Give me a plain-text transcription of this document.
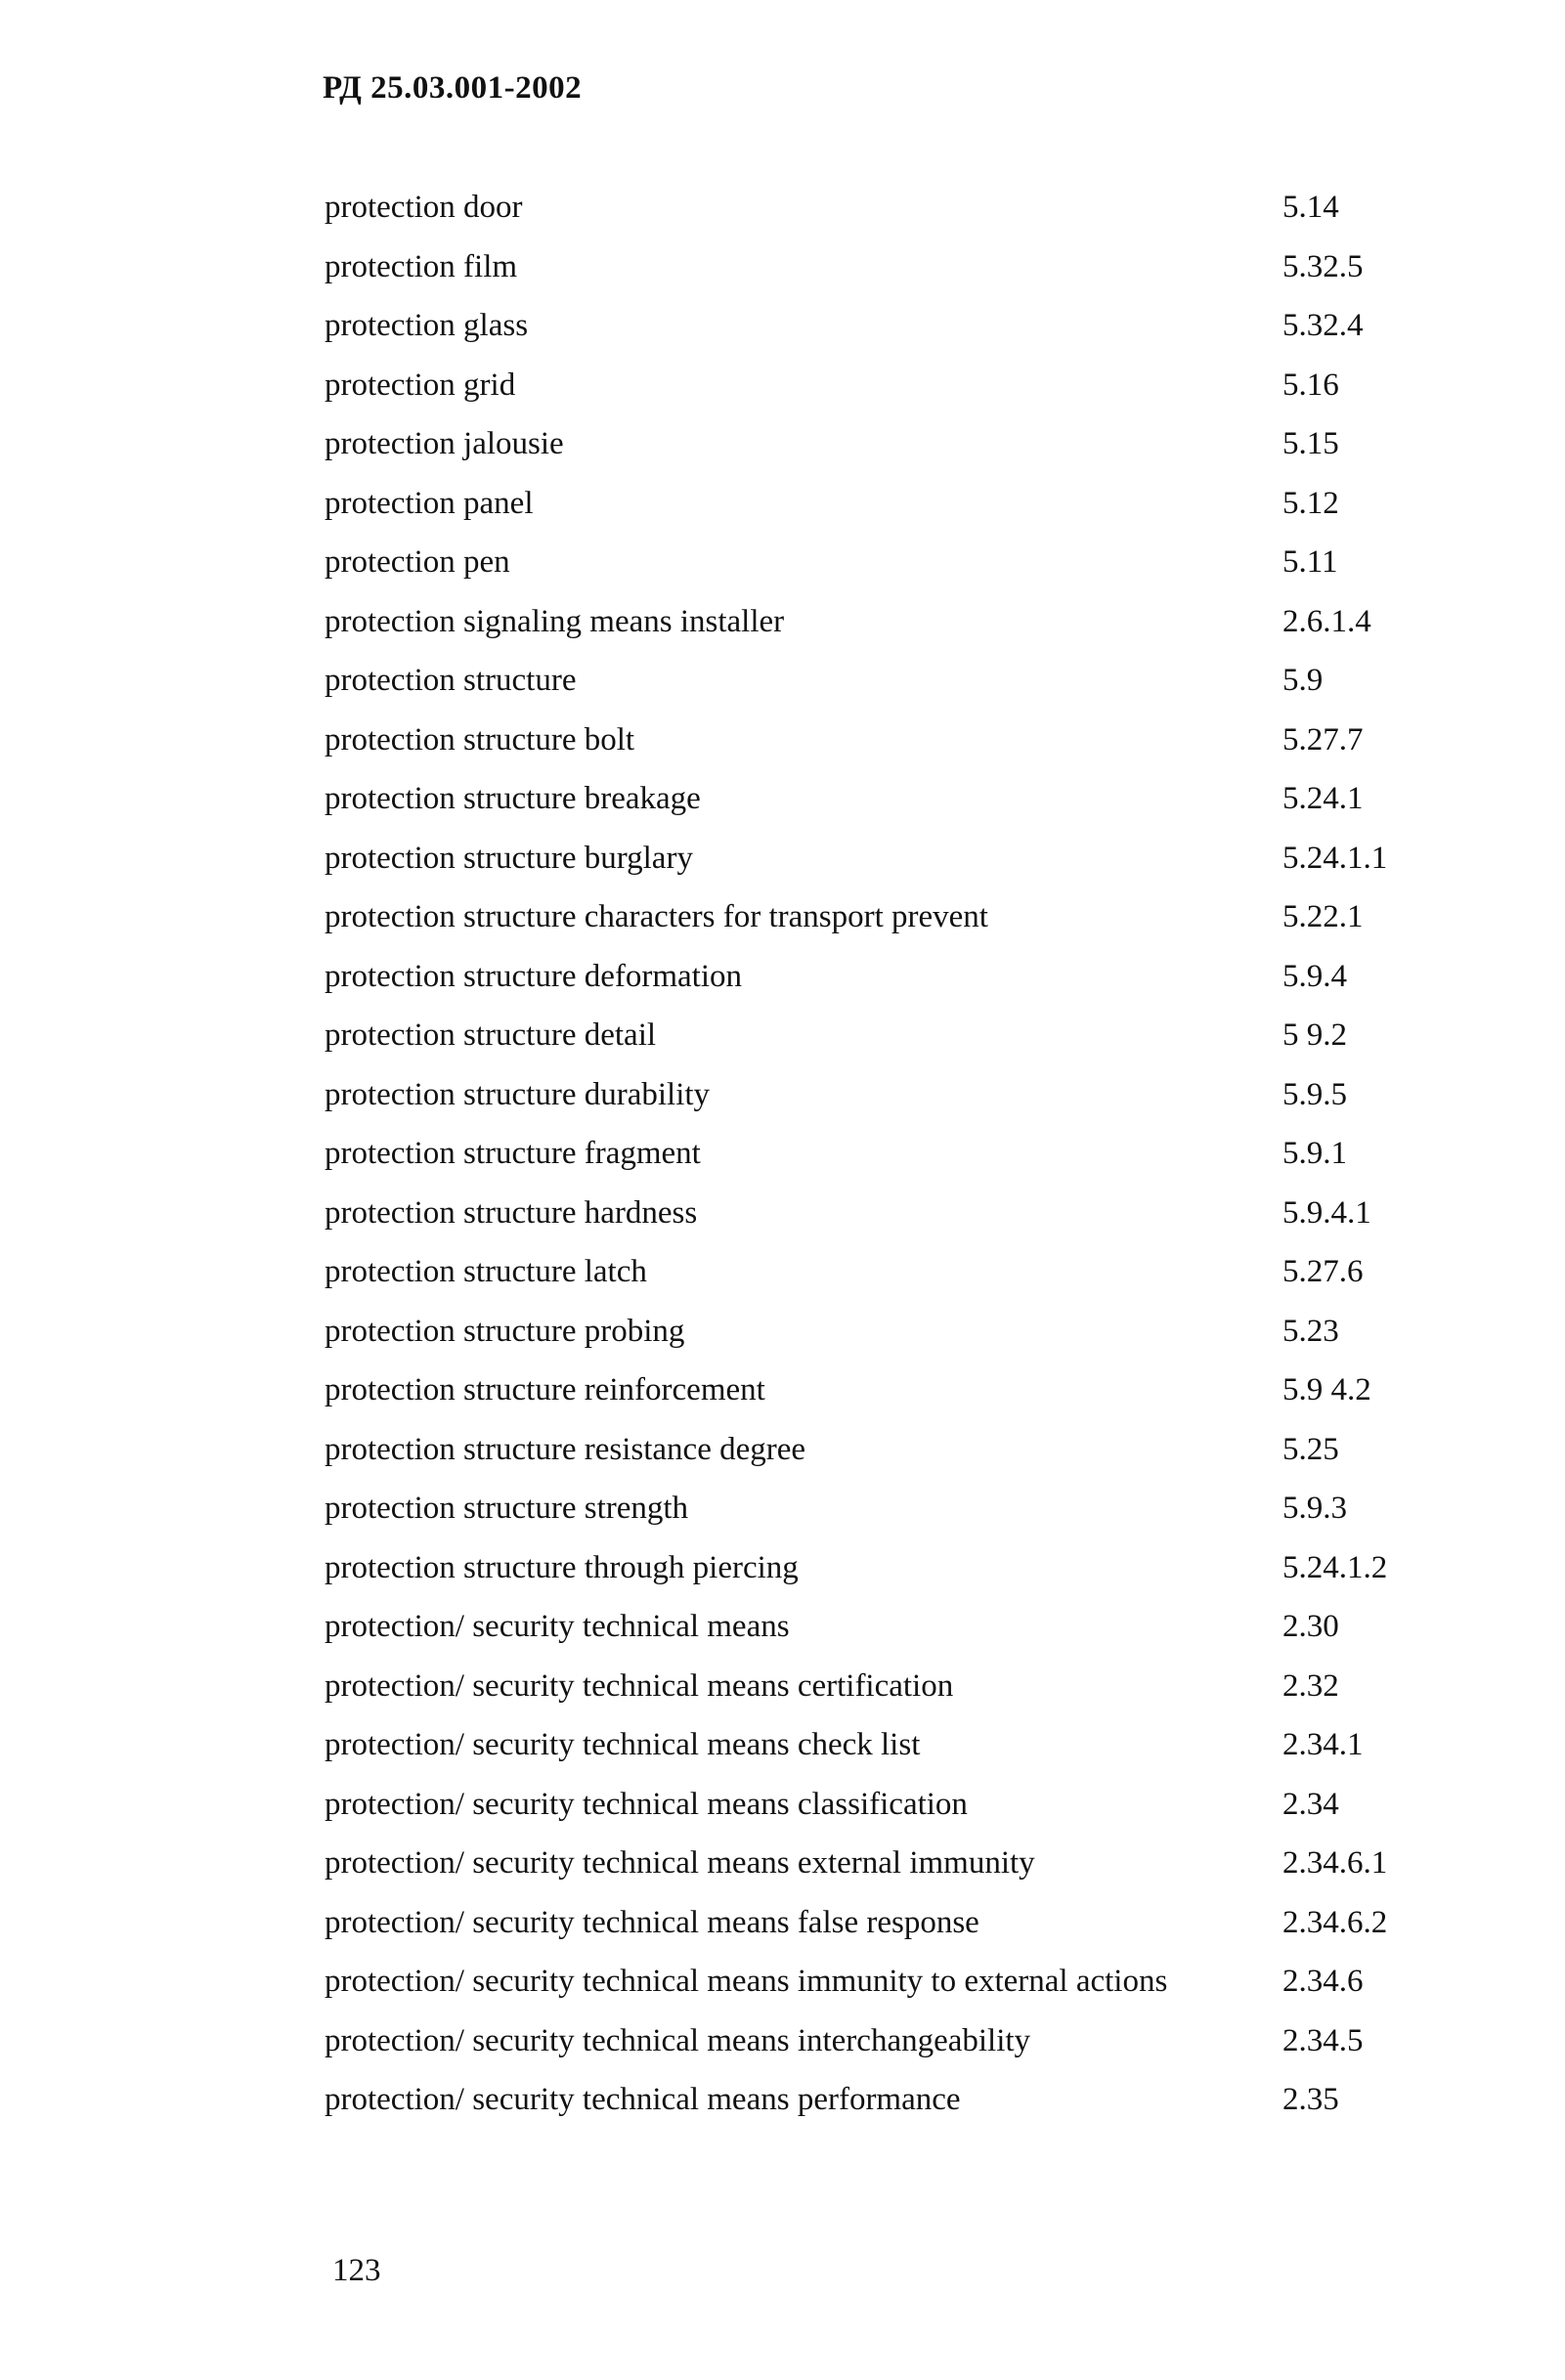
РД 25.03.001-2002
protection door	5.14
protection film	5.32.5
protection glass	5.32.4
protection grid	5.16
protection jalousie	5.15
protection panel	5.12
protection pen	5.11
protection signaling means installer	2.6.1.4
protection structure	5.9
protection structure bolt	5.27.7
protection structure breakage	5.24.1
protection structure burglary	5.24.1.1
protection structure characters for transport prevent	5.22.1
protection structure deformation	5.9.4
protection structure detail	5 9.2
protection structure durability	5.9.5
protection structure fragment	5.9.1
protection structure hardness	5.9.4.1
protection structure latch	5.27.6
protection structure probing	5.23
protection structure reinforcement	5.9 4.2
protection structure resistance degree	5.25
protection structure strength	5.9.3
protection structure through piercing	5.24.1.2
protection/ security technical means	2.30
protection/ security technical means certification	2.32
protection/ security technical means check list	2.34.1
protection/ security technical means classification	2.34
protection/ security technical means external immunity	2.34.6.1
protection/ security technical means false response	2.34.6.2
protection/ security technical means immunity to external actions	2.34.6
protection/ security technical means interchangeability	2.34.5
protection/ security technical means performance	2.35
123
